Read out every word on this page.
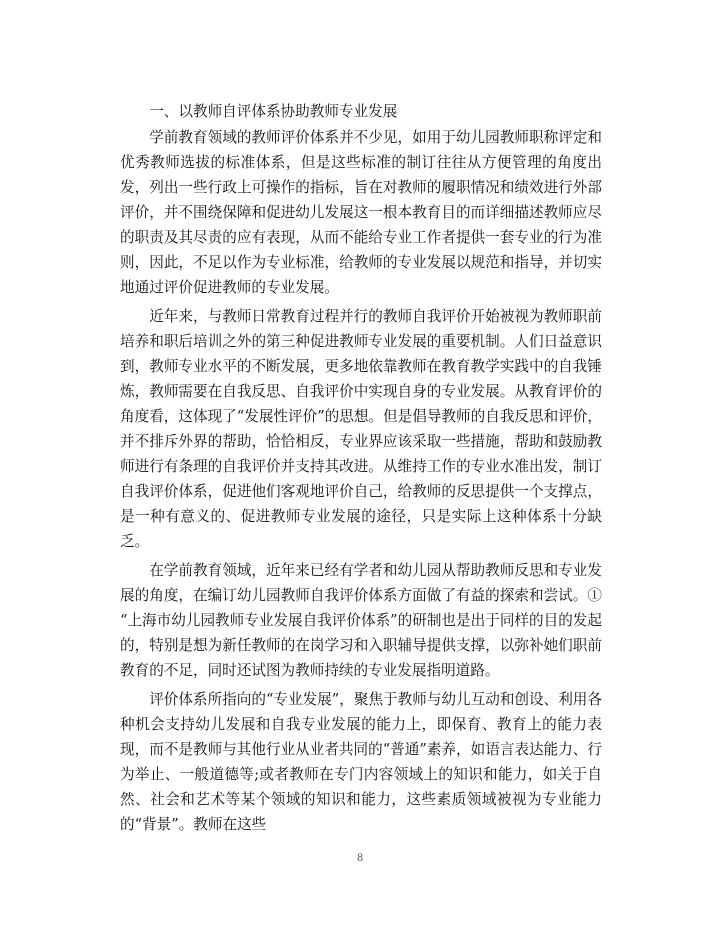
一、以教师自评体系协助教师专业发展

学前教育领域的教师评价体系并不少见，如用于幼儿园教师职称评定和优秀教师选拔的标准体系，但是这些标准的制订往往从方便管理的角度出发，列出一些行政上可操作的指标，旨在对教师的履职情况和绩效进行外部评价，并不围绕保障和促进幼儿发展这一根本教育目的而详细描述教师应尽的职责及其尽责的应有表现，从而不能给专业工作者提供一套专业的行为准则，因此，不足以作为专业标准，给教师的专业发展以规范和指导，并切实地通过评价促进教师的专业发展。

近年来，与教师日常教育过程并行的教师自我评价开始被视为教师职前培养和职后培训之外的第三种促进教师专业发展的重要机制。人们日益意识到，教师专业水平的不断发展，更多地依靠教师在教育教学实践中的自我锤炼，教师需要在自我反思、自我评价中实现自身的专业发展。从教育评价的角度看，这体现了“发展性评价”的思想。但是倡导教师的自我反思和评价，并不排斥外界的帮助，恰恰相反，专业界应该采取一些措施，帮助和鼓励教师进行有条理的自我评价并支持其改进。从维持工作的专业水准出发，制订自我评价体系，促进他们客观地评价自己，给教师的反思提供一个支撑点，是一种有意义的、促进教师专业发展的途径，只是实际上这种体系十分缺乏。

在学前教育领域，近年来已经有学者和幼儿园从帮助教师反思和专业发展的角度，在编订幼儿园教师自我评价体系方面做了有益的探索和尝试。① “上海市幼儿园教师专业发展自我评价体系”的研制也是出于同样的目的发起的，特别是想为新任教师的在岗学习和入职辅导提供支撑，以弥补她们职前教育的不足，同时还试图为教师持续的专业发展指明道路。

评价体系所指向的“专业发展”，聚焦于教师与幼儿互动和创设、利用各种机会支持幼儿发展和自我专业发展的能力上，即保育、教育上的能力表现，而不是教师与其他行业从业者共同的“普通”素养，如语言表达能力、行为举止、一般道德等;或者教师在专门内容领域上的知识和能力，如关于自然、社会和艺术等某个领域的知识和能力，这些素质领域被视为专业能力的“背景”。教师在这些

8
